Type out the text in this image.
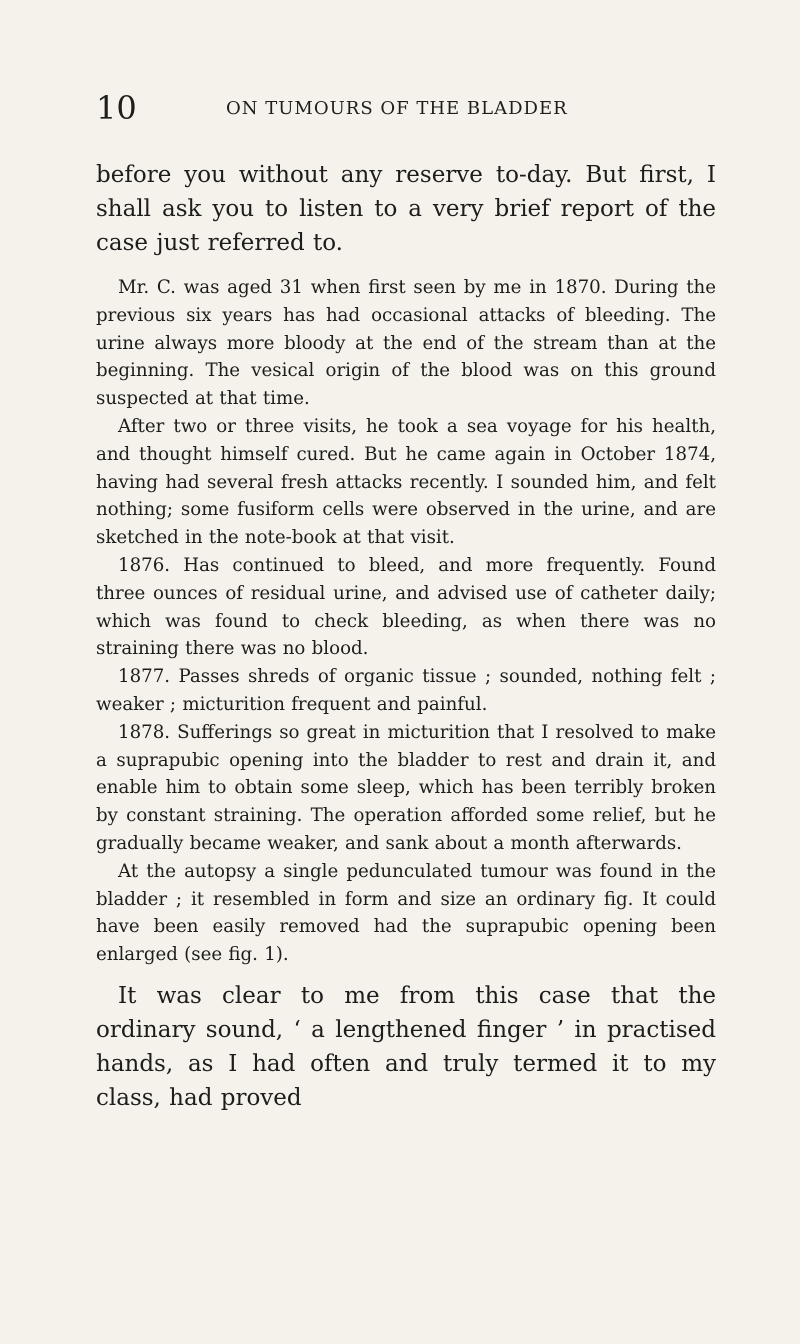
10	ON TUMOURS OF THE BLADDER

before you without any reserve to-day. But first, I shall ask you to listen to a very brief report of the case just referred to.

Mr. C. was aged 31 when first seen by me in 1870. During the previous six years has had occasional attacks of bleeding. The urine always more bloody at the end of the stream than at the beginning. The vesical origin of the blood was on this ground suspected at that time.

After two or three visits, he took a sea voyage for his health, and thought himself cured. But he came again in October 1874, having had several fresh attacks recently. I sounded him, and felt nothing; some fusiform cells were observed in the urine, and are sketched in the note-book at that visit.

1876. Has continued to bleed, and more frequently. Found three ounces of residual urine, and advised use of catheter daily; which was found to check bleeding, as when there was no straining there was no blood.

1877. Passes shreds of organic tissue ; sounded, nothing felt ; weaker ; micturition frequent and painful.

1878. Sufferings so great in micturition that I resolved to make a suprapubic opening into the bladder to rest and drain it, and enable him to obtain some sleep, which has been terribly broken by constant straining. The operation afforded some relief, but he gradually became weaker, and sank about a month afterwards.

At the autopsy a single pedunculated tumour was found in the bladder ; it resembled in form and size an ordinary fig. It could have been easily removed had the suprapubic opening been enlarged (see fig. 1).

It was clear to me from this case that the ordinary sound, ‘ a lengthened finger ’ in practised hands, as I had often and truly termed it to my class, had proved
